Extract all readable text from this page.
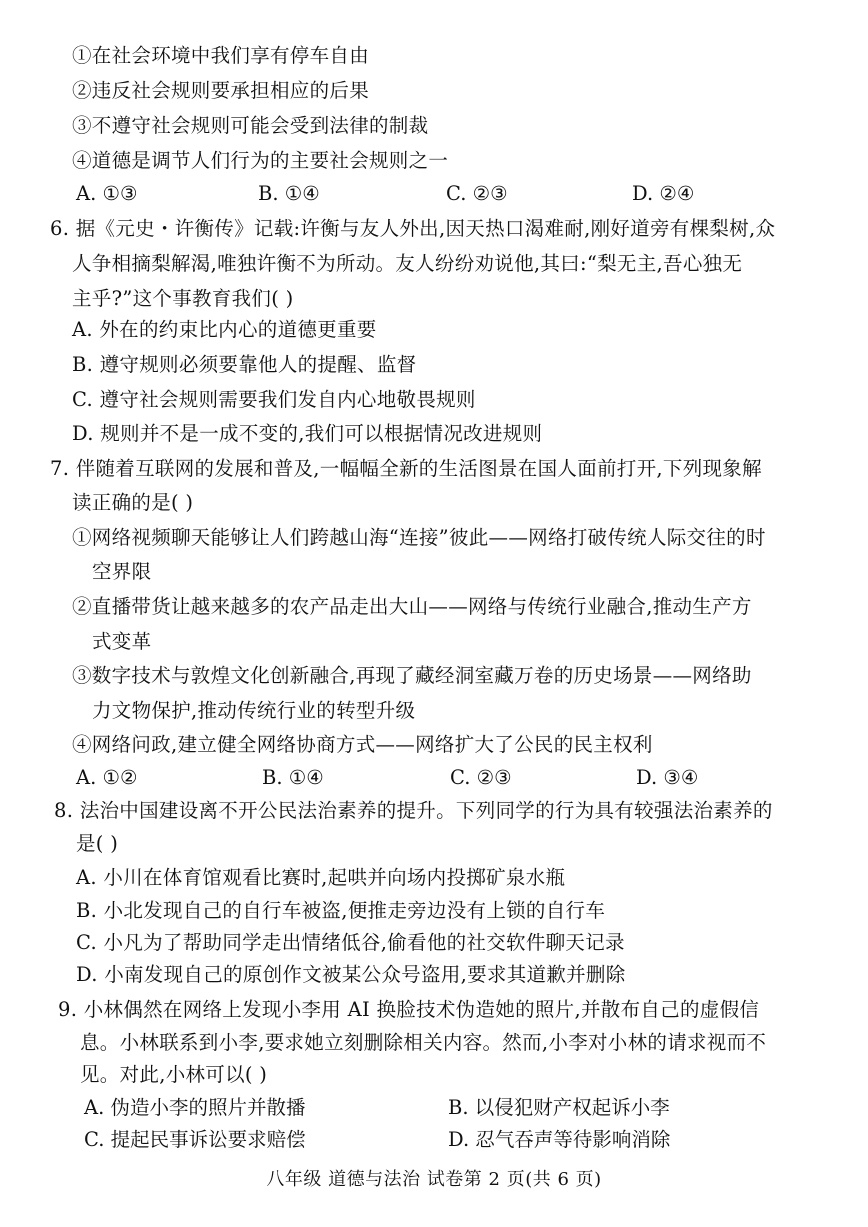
①在社会环境中我们享有停车自由
②违反社会规则要承担相应的后果
③不遵守社会规则可能会受到法律的制裁
④道德是调节人们行为的主要社会规则之一
A. ①③	B. ①④	C. ②③	D. ②④
6. 据《元史・许衡传》记载:许衡与友人外出,因天热口渴难耐,刚好道旁有棵梨树,众
人争相摘梨解渴,唯独许衡不为所动。友人纷纷劝说他,其曰:“梨无主,吾心独无
主乎?”这个事教育我们( )
A. 外在的约束比内心的道德更重要
B. 遵守规则必须要靠他人的提醒、监督
C. 遵守社会规则需要我们发自内心地敬畏规则
D. 规则并不是一成不变的,我们可以根据情况改进规则
7. 伴随着互联网的发展和普及,一幅幅全新的生活图景在国人面前打开,下列现象解
读正确的是( )
①网络视频聊天能够让人们跨越山海“连接”彼此——网络打破传统人际交往的时
空界限
②直播带货让越来越多的农产品走出大山——网络与传统行业融合,推动生产方
式变革
③数字技术与敦煌文化创新融合,再现了藏经洞室藏万卷的历史场景——网络助
力文物保护,推动传统行业的转型升级
④网络问政,建立健全网络协商方式——网络扩大了公民的民主权利
A. ①②	B. ①④	C. ②③	D. ③④
8. 法治中国建设离不开公民法治素养的提升。下列同学的行为具有较强法治素养的
是( )
A. 小川在体育馆观看比赛时,起哄并向场内投掷矿泉水瓶
B. 小北发现自己的自行车被盗,便推走旁边没有上锁的自行车
C. 小凡为了帮助同学走出情绪低谷,偷看他的社交软件聊天记录
D. 小南发现自己的原创作文被某公众号盗用,要求其道歉并删除
9. 小林偶然在网络上发现小李用 AI 换脸技术伪造她的照片,并散布自己的虚假信
息。小林联系到小李,要求她立刻删除相关内容。然而,小李对小林的请求视而不
见。对此,小林可以( )
A. 伪造小李的照片并散播	B. 以侵犯财产权起诉小李
C. 提起民事诉讼要求赔偿	D. 忍气吞声等待影响消除
八年级 道德与法治 试卷第 2 页(共 6 页)
